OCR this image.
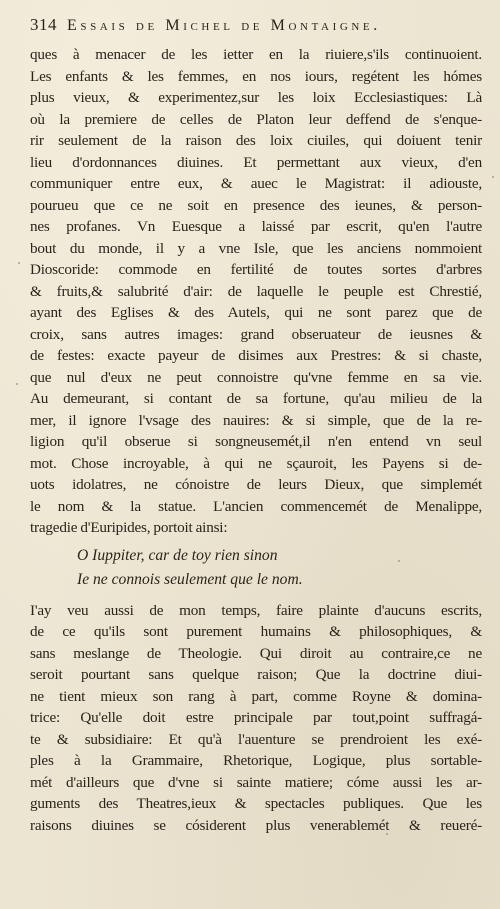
314 Essais de Michel de Montaigne.
ques à menacer de les ietter en la riuiere,s'ils continuoient.
Les enfants & les femmes, en nos iours, regétent les hómes
plus vieux, & experimentez,sur les loix Ecclesiastiques: Là
où la premiere de celles de Platon leur deffend de s'enque-
rir seulement de la raison des loix ciuiles, qui doiuent tenir
lieu d'ordonnances diuines. Et permettant aux vieux, d'en
communiquer entre eux, & auec le Magistrat: il adiouste,
pourueu que ce ne soit en presence des ieunes, & person-
nes profanes. Vn Euesque a laissé par escrit, qu'en l'autre
bout du monde, il y a vne Isle, que les anciens nommoient
Dioscoride: commode en fertilité de toutes sortes d'arbres
& fruits,& salubrité d'air: de laquelle le peuple est Chrestié,
ayant des Eglises & des Autels, qui ne sont parez que de
croix, sans autres images: grand obseruateur de ieusnes &
de festes: exacte payeur de disimes aux Prestres: & si chaste,
que nul d'eux ne peut connoistre qu'vne femme en sa vie.
Au demeurant, si contant de sa fortune, qu'au milieu de la
mer, il ignore l'vsage des nauires: & si simple, que de la re-
ligion qu'il obserue si songneusemét,il n'en entend vn seul
mot. Chose incroyable, à qui ne sçauroit, les Payens si de-
uots idolatres, ne cónoistre de leurs Dieux, que simplemét
le nom & la statue. L'ancien commencemét de Menalippe,
tragedie d'Euripides, portoit ainsi:
O Iuppiter, car de toy rien sinon
Ie ne connois seulement que le nom.
I'ay veu aussi de mon temps, faire plainte d'aucuns escrits,
de ce qu'ils sont purement humains & philosophiques, &
sans meslange de Theologie. Qui diroit au contraire,ce ne
seroit pourtant sans quelque raison; Que la doctrine diui-
ne tient mieux son rang à part, comme Royne & domina-
trice: Qu'elle doit estre principale par tout,point suffragá-
te & subsidiaire: Et qu'à l'auenture se prendroient les exé-
ples à la Grammaire, Rhetorique, Logique, plus sortable-
mét d'ailleurs que d'vne si sainte matiere; cóme aussi les ar-
guments des Theatres,ieux & spectacles publiques. Que les
raisons diuines se cósiderent plus venerablemét & reueré-
